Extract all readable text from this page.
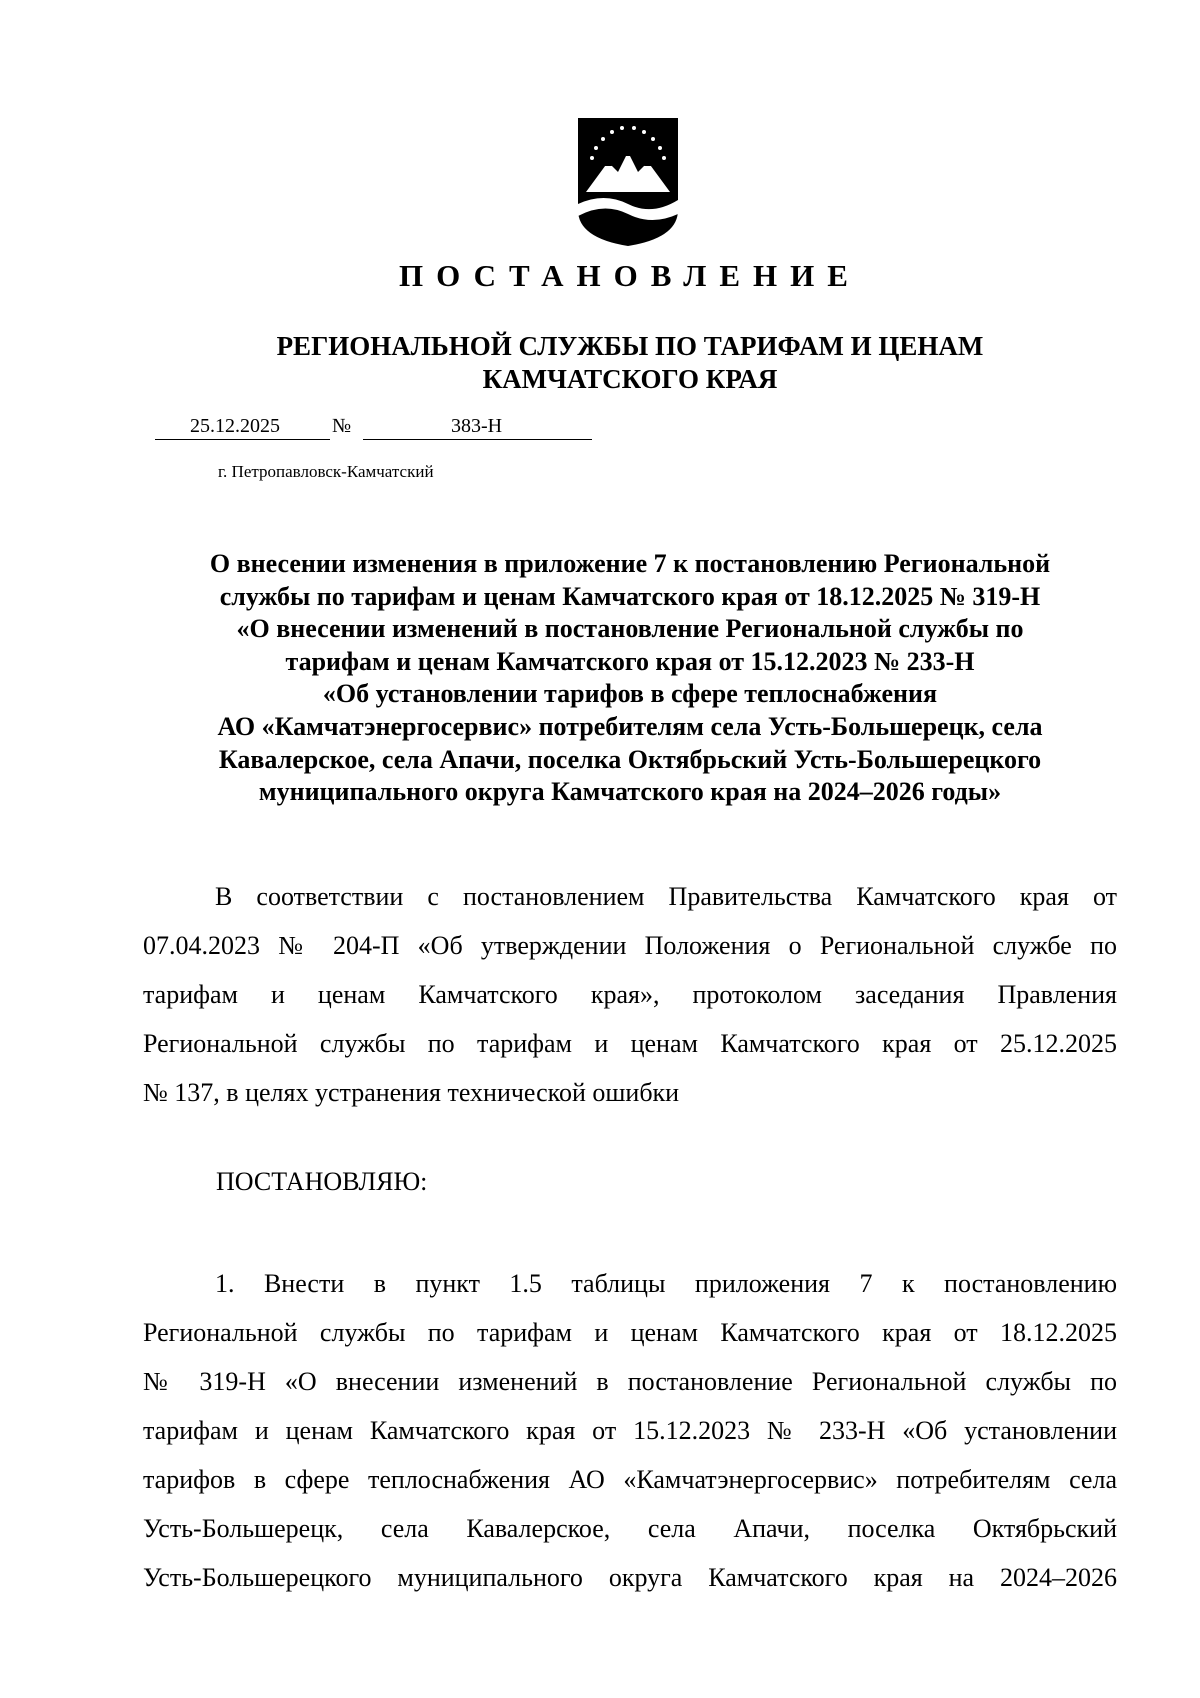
ПОСТАНОВЛЕНИЕ
РЕГИОНАЛЬНОЙ СЛУЖБЫ ПО ТАРИФАМ И ЦЕНАМ
КАМЧАТСКОГО КРАЯ
25.12.2025	№	383-Н
г. Петропавловск-Камчатский
О внесении изменения в приложение 7 к постановлению Региональной
службы по тарифам и ценам Камчатского края от 18.12.2025 № 319-Н
«О внесении изменений в постановление Региональной службы по
тарифам и ценам Камчатского края от 15.12.2023 № 233-Н
«Об установлении тарифов в сфере теплоснабжения
АО «Камчатэнергосервис» потребителям села Усть-Большерецк, села
Кавалерское, села Апачи, поселка Октябрьский Усть-Большерецкого
муниципального округа Камчатского края на 2024–2026 годы»
В соответствии с постановлением Правительства Камчатского края от
07.04.2023 № 204-П «Об утверждении Положения о Региональной службе по
тарифам и ценам Камчатского края», протоколом заседания Правления
Региональной службы по тарифам и ценам Камчатского края от 25.12.2025
№ 137, в целях устранения технической ошибки
ПОСТАНОВЛЯЮ:
1. Внести в пункт 1.5 таблицы приложения 7 к постановлению
Региональной службы по тарифам и ценам Камчатского края от 18.12.2025
№ 319-Н «О внесении изменений в постановление Региональной службы по
тарифам и ценам Камчатского края от 15.12.2023 № 233-Н «Об установлении
тарифов в сфере теплоснабжения АО «Камчатэнергосервис» потребителям села
Усть-Большерецк, села Кавалерское, села Апачи, поселка Октябрьский
Усть-Большерецкого муниципального округа Камчатского края на 2024–2026
